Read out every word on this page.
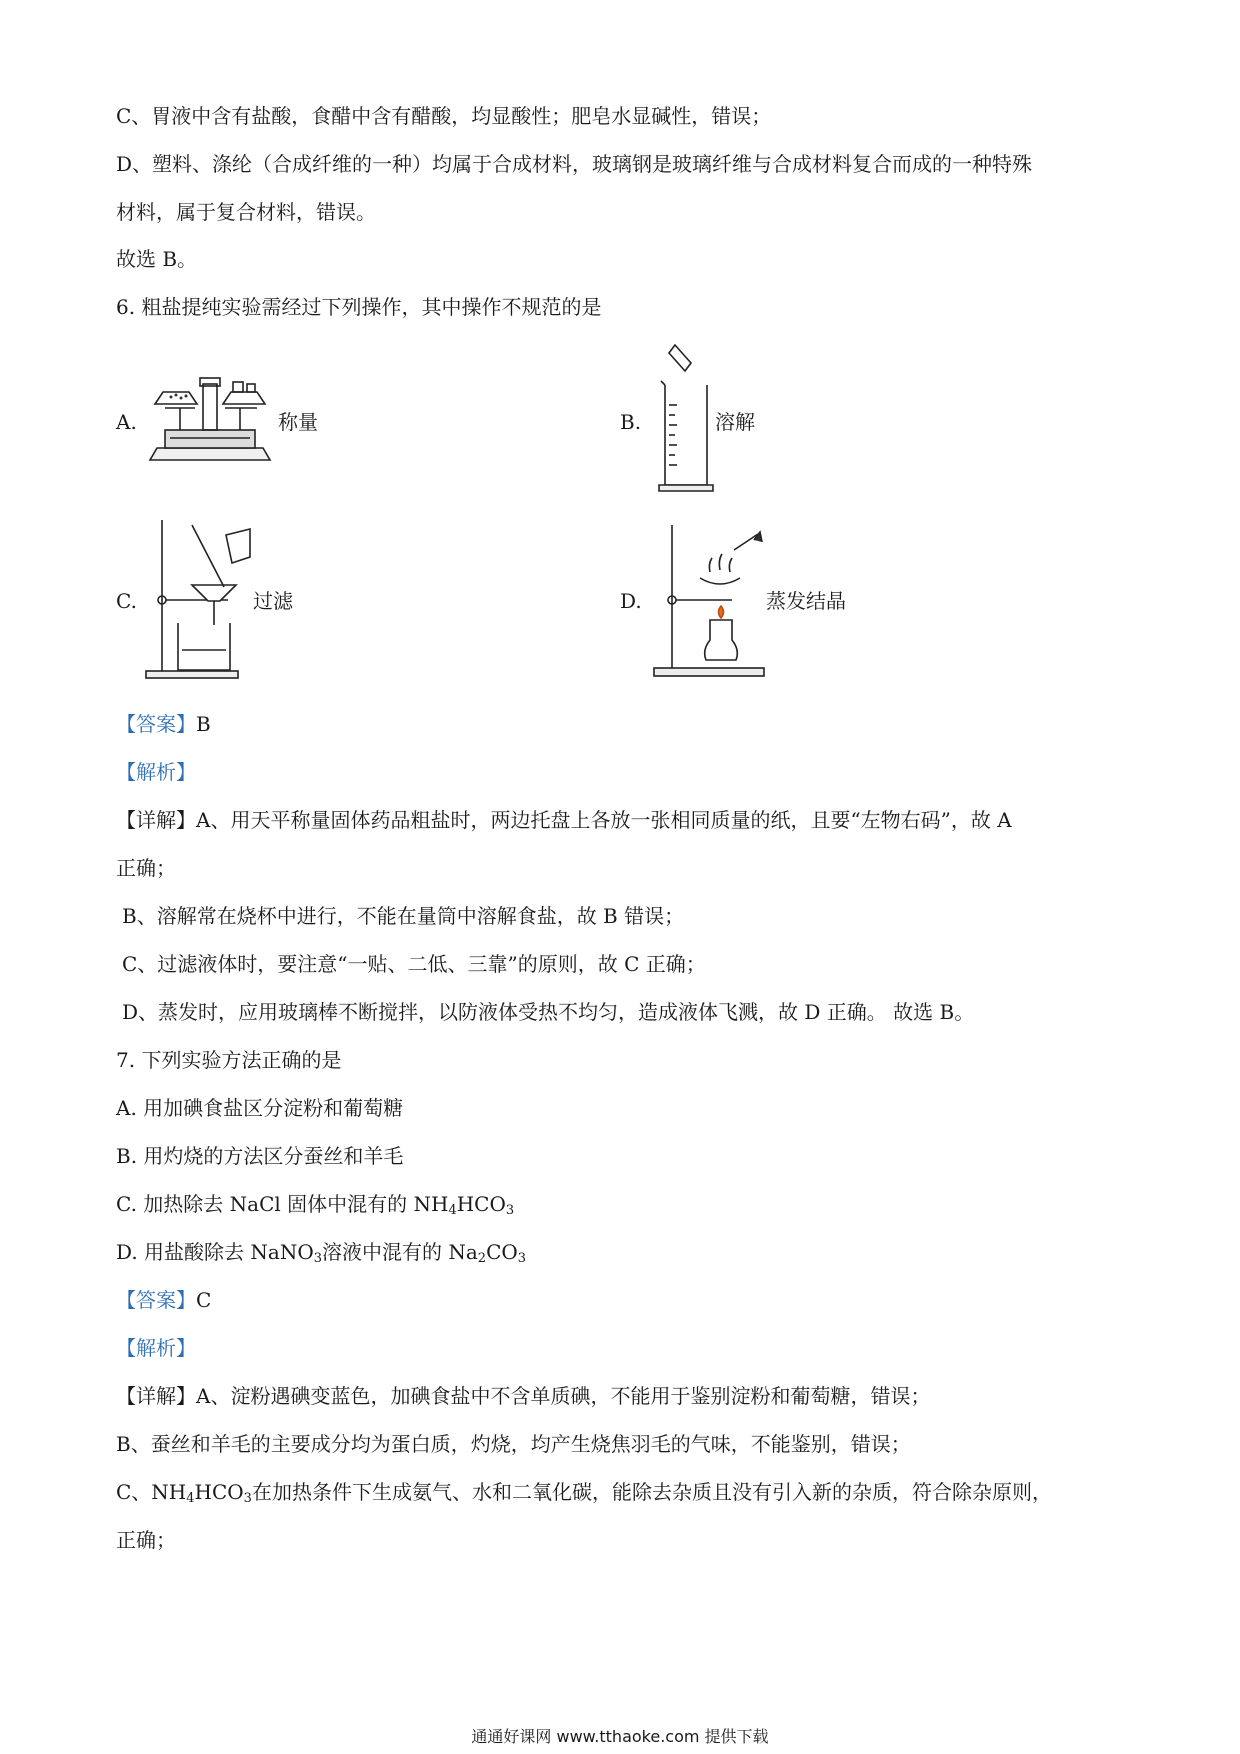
C、胃液中含有盐酸，食醋中含有醋酸，均显酸性；肥皂水显碱性，错误；
D、塑料、涤纶（合成纤维的一种）均属于合成材料，玻璃钢是玻璃纤维与合成材料复合而成的一种特殊
材料，属于复合材料，错误。
故选 B。
6. 粗盐提纯实验需经过下列操作，其中操作不规范的是
A.	称量	B.	溶解
C.	过滤	D.	蒸发结晶
【答案】B
【解析】
【详解】A、用天平称量固体药品粗盐时，两边托盘上各放一张相同质量的纸，且要“左物右码”，故 A
正确；
B、溶解常在烧杯中进行，不能在量筒中溶解食盐，故 B 错误；
C、过滤液体时，要注意“一贴、二低、三靠”的原则，故 C 正确；
D、蒸发时，应用玻璃棒不断搅拌，以防液体受热不均匀，造成液体飞溅，故 D 正确。 故选 B。
7. 下列实验方法正确的是
A. 用加碘食盐区分淀粉和葡萄糖
B. 用灼烧的方法区分蚕丝和羊毛
C. 加热除去 NaCl 固体中混有的 $NH_4HCO_3$
D. 用盐酸除去 NaNO$_3$溶液中混有的 $Na_2CO_3$
【答案】C
【解析】
【详解】A、淀粉遇碘变蓝色，加碘食盐中不含单质碘，不能用于鉴别淀粉和葡萄糖，错误；
B、蚕丝和羊毛的主要成分均为蛋白质，灼烧，均产生烧焦羽毛的气味，不能鉴别，错误；
C、$NH_4HCO_3$在加热条件下生成氨气、水和二氧化碳，能除去杂质且没有引入新的杂质，符合除杂原则，
正确；
通通好课网 www.tthaoke.com 提供下载
